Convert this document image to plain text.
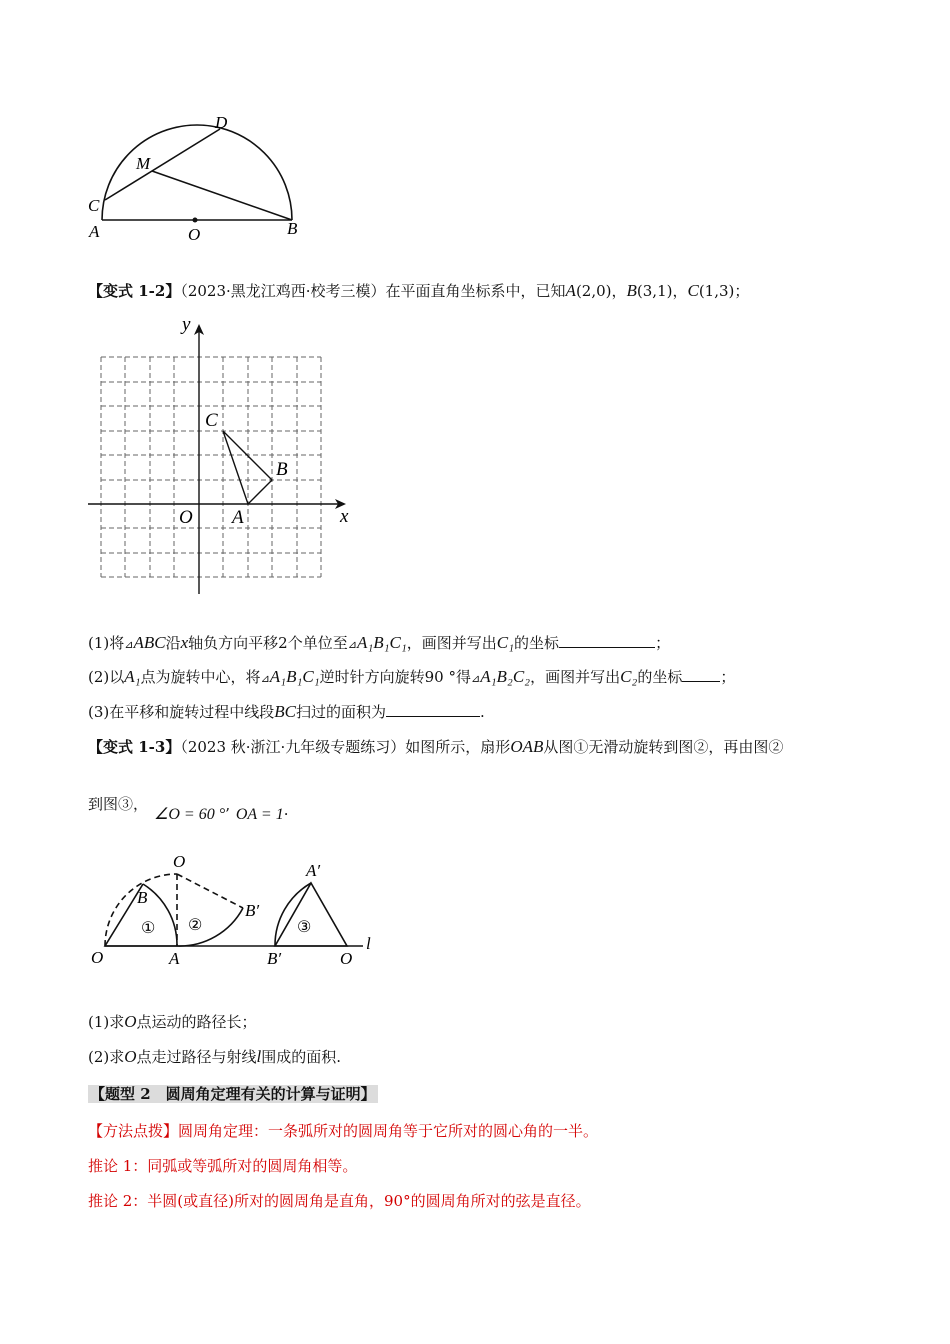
D
M
C
A	O	B
【变式 1-2】（2023·黑龙江鸡西·校考三模）在平面直角坐标系中，已知A(2,0)，B(3,1)，C(1,3)；
y
x
O A
B
C
(1)将⊿ABC沿x轴负方向平移2个单位至⊿A₁B₁C₁，画图并写出C₁的坐标	；
(2)以A₁点为旋转中心，将⊿A₁B₁C₁逆时针方向旋转90 °得⊿A₁B₂C₂，画图并写出C₂的坐标	；
(3)在平移和旋转过程中线段BC扫过的面积为	.
【变式 1-3】（2023 秋·浙江·九年级专题练习）如图所示，扇形OAB从图①无滑动旋转到图②，再由图②
到图③，
∠O = 60 °’ OA = 1·
O
B
① ②
B′
A′
③
O	A	B′	O
l
(1)求O点运动的路径长；
(2)求O点走过路径与射线l围成的面积.
【题型 2　圆周角定理有关的计算与证明】
【方法点拨】圆周角定理：一条弧所对的圆周角等于它所对的圆心角的一半。
推论 1：同弧或等弧所对的圆周角相等。
推论 2：半圆(或直径)所对的圆周角是直角，90°的圆周角所对的弦是直径。
